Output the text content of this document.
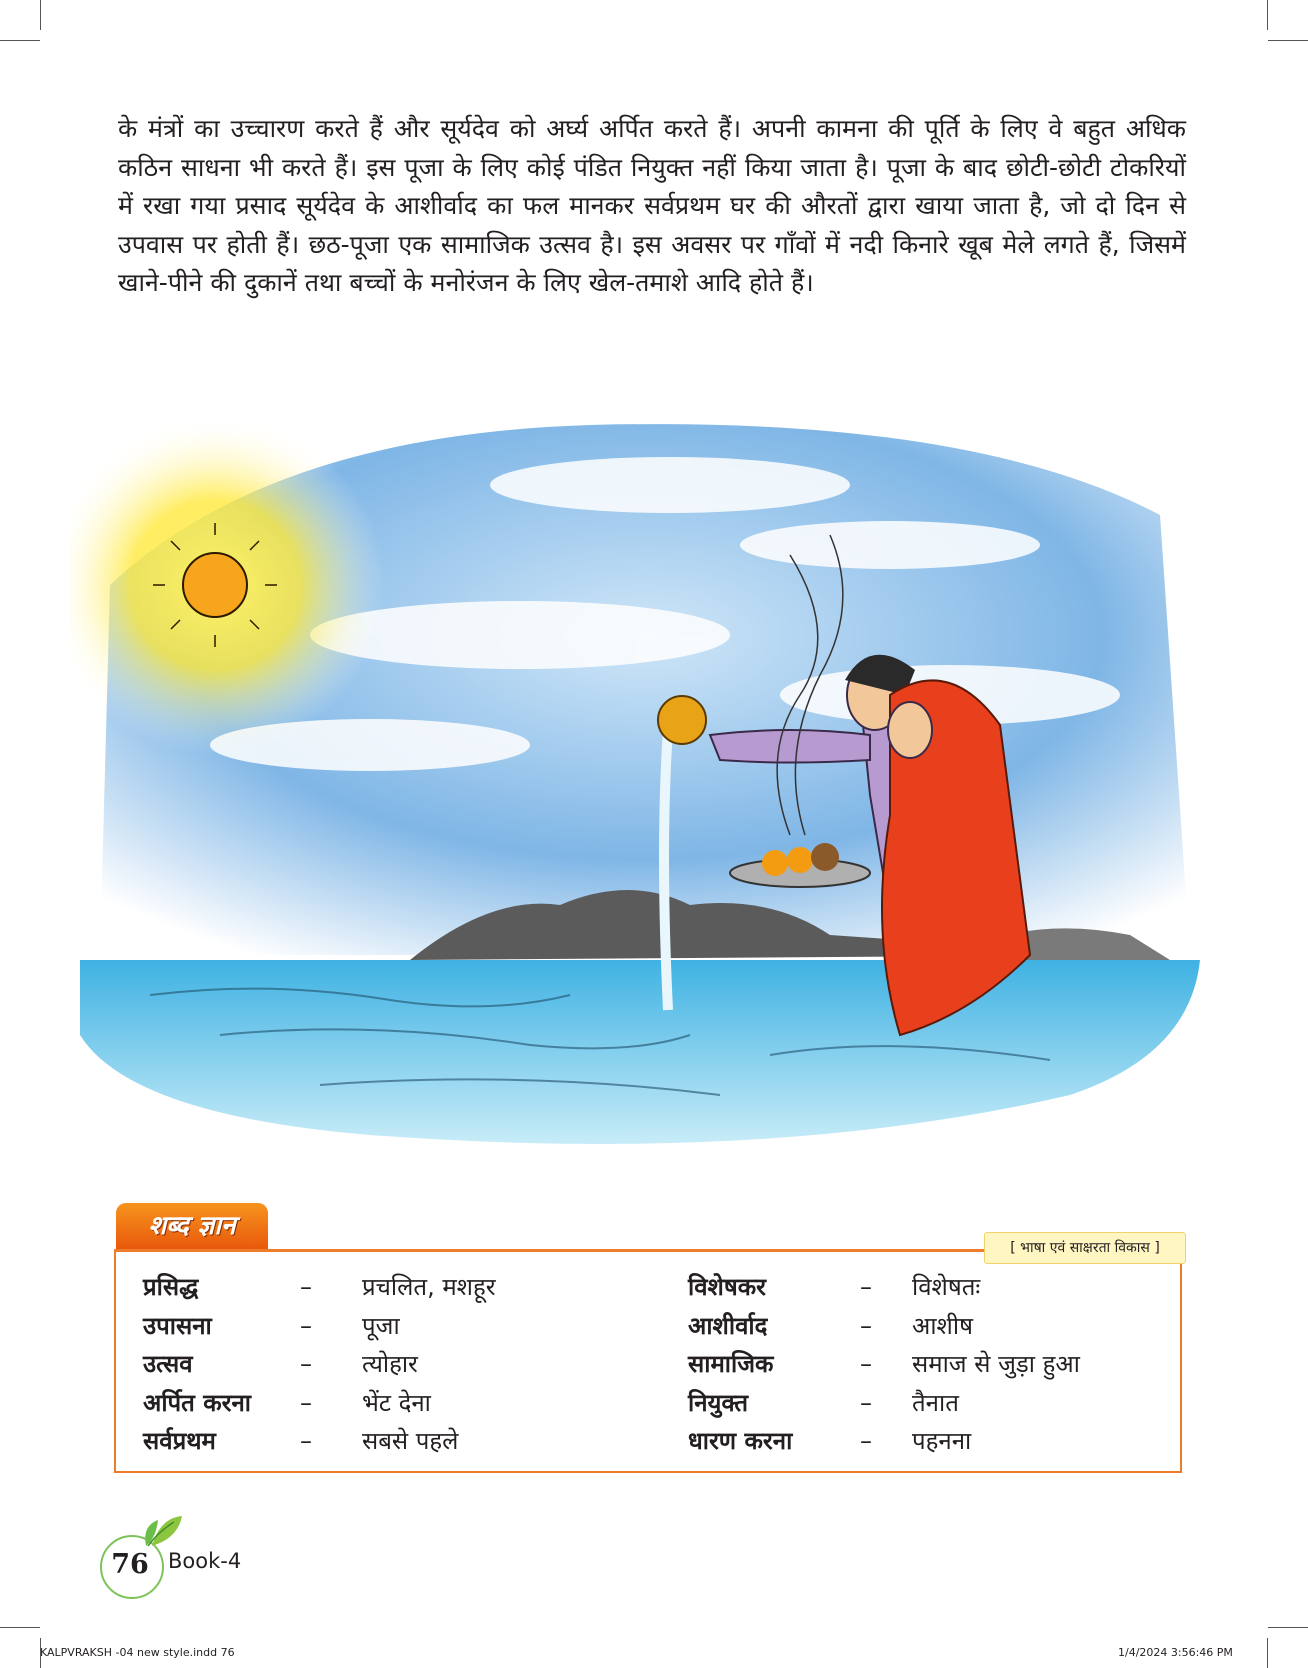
के मंत्रों का उच्चारण करते हैं और सूर्यदेव को अर्घ्य अर्पित करते हैं। अपनी कामना की पूर्ति के लिए वे बहुत अधिक कठिन साधना भी करते हैं। इस पूजा के लिए कोई पंडित नियुक्त नहीं किया जाता है। पूजा के बाद छोटी-छोटी टोकरियों में रखा गया प्रसाद सूर्यदेव के आशीर्वाद का फल मानकर सर्वप्रथम घर की औरतों द्वारा खाया जाता है, जो दो दिन से उपवास पर होती हैं। छठ-पूजा एक सामाजिक उत्सव है। इस अवसर पर गाँवों में नदी किनारे खूब मेले लगते हैं, जिसमें खाने-पीने की दुकानें तथा बच्चों के मनोरंजन के लिए खेल-तमाशे आदि होते हैं।

शब्द ज्ञान
[ भाषा एवं साक्षरता विकास ]
प्रसिद्ध
उपासना
उत्सव
अर्पित करना
सर्वप्रथम
–
–
–
–
–
प्रचलित, मशहूर
पूजा
त्योहार
भेंट देना
सबसे पहले
विशेषकर
आशीर्वाद
सामाजिक
नियुक्त
धारण करना
–
–
–
–
–
विशेषतः
आशीष
समाज से जुड़ा हुआ
तैनात
पहनना
76 Book-4
KALPVRAKSH -04 new style.indd 76	1/4/2024 3:56:46 PM
